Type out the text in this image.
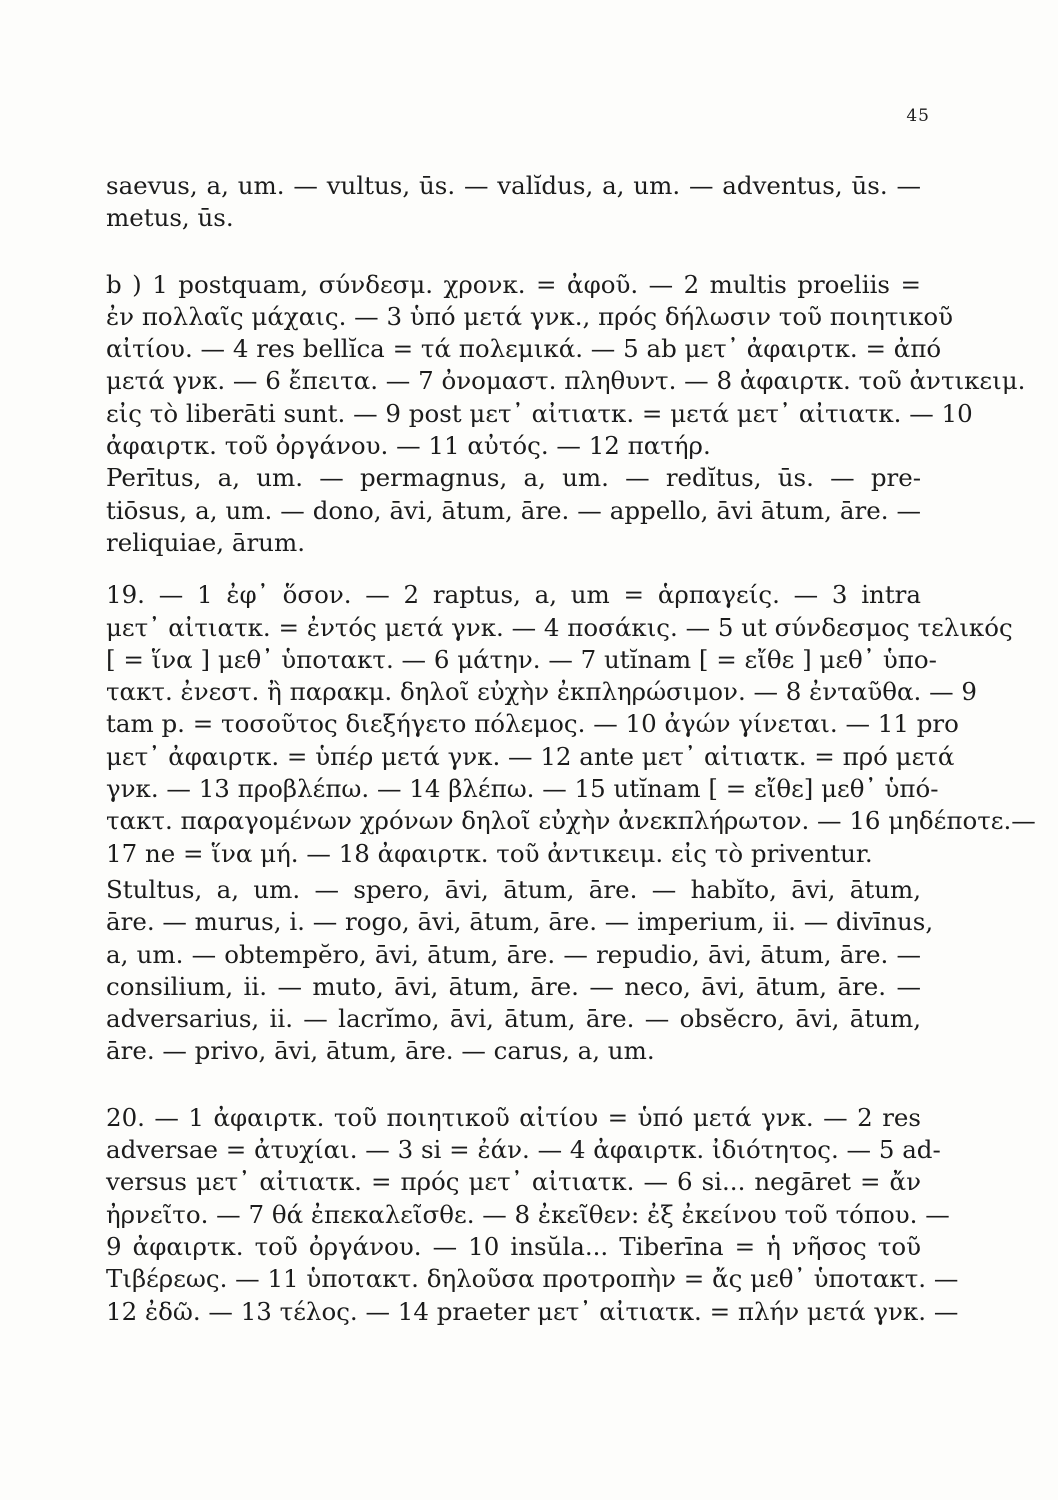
45
saevus, a, um. — vultus, ūs. — valĭdus, a, um. — adventus, ūs. —
metus, ūs.
b ) 1 postquam, σύνδεσμ. χρονκ. = ἀφοῦ. — 2 multis proeliis =
ἐν πολλαῖς μάχαις. — 3 ὑπό μετά γνκ., πρός δήλωσιν τοῦ ποιητικοῦ
αἰτίου. — 4 res bellĭca = τά πολεμικά. — 5 ab μετ᾽ ἀφαιρτκ. = ἀπό
μετά γνκ. — 6 ἔπειτα. — 7 ὀνομαστ. πληθυντ. — 8 ἀφαιρτκ. τοῦ ἀντικειμ.
εἰς τὸ liberāti sunt. — 9 post μετ᾽ αἰτιατκ. = μετά μετ᾽ αἰτιατκ. — 10
ἀφαιρτκ. τοῦ ὀργάνου. — 11 αὐτός. — 12 πατήρ.
Perītus, a, um. — permagnus, a, um. — redĭtus, ūs. — pre-
tiōsus, a, um. — dono, āvi, ātum, āre. — appello, āvi ātum, āre. —
reliquiae, ārum.
19. — 1 ἐφ᾽ ὅσον. — 2 raptus, a, um = ἁρπαγείς. — 3 intra
μετ᾽ αἰτιατκ. = ἐντός μετά γνκ. — 4 ποσάκις. — 5 ut σύνδεσμος τελικός
[ = ἵνα ] μεθ᾽ ὑποτακτ. — 6 μάτην. — 7 utĭnam [ = εἴθε ] μεθ᾽ ὑπο-
τακτ. ἐνεστ. ἢ παρακμ. δηλοῖ εὐχὴν ἐκπληρώσιμον. — 8 ἐνταῦθα. — 9
tam p. = τοσοῦτος διεξήγετο πόλεμος. — 10 ἀγών γίνεται. — 11 pro
μετ᾽ ἀφαιρτκ. = ὑπέρ μετά γνκ. — 12 ante μετ᾽ αἰτιατκ. = πρό μετά
γνκ. — 13 προβλέπω. — 14 βλέπω. — 15 utĭnam [ = εἴθε] μεθ᾽ ὑπό-
τακτ. παραγομένων χρόνων δηλοῖ εὐχὴν ἀνεκπλήρωτον. — 16 μηδέποτε.—
17 ne = ἵνα μή. — 18 ἀφαιρτκ. τοῦ ἀντικειμ. εἰς τὸ priventur.
Stultus, a, um. — spero, āvi, ātum, āre. — habĭto, āvi, ātum,
āre. — murus, i. — rogo, āvi, ātum, āre. — imperium, ii. — divīnus,
a, um. — obtempĕro, āvi, ātum, āre. — repudio, āvi, ātum, āre. —
consilium, ii. — muto, āvi, ātum, āre. — neco, āvi, ātum, āre. —
adversarius, ii. — lacrĭmo, āvi, ātum, āre. — obsĕcro, āvi, ātum,
āre. — privo, āvi, ātum, āre. — carus, a, um.
20. — 1 ἀφαιρτκ. τοῦ ποιητικοῦ αἰτίου = ὑπό μετά γνκ. — 2 res
adversae = ἀτυχίαι. — 3 si = ἐάν. — 4 ἀφαιρτκ. ἰδιότητος. — 5 ad-
versus μετ᾽ αἰτιατκ. = πρός μετ᾽ αἰτιατκ. — 6 si... negāret = ἄν
ἠρνεῖτο. — 7 θά ἐπεκαλεῖσθε. — 8 ἐκεῖθεν: ἐξ ἐκείνου τοῦ τόπου. —
9 ἀφαιρτκ. τοῦ ὀργάνου. — 10 insŭla... Tiberīna = ἡ νῆσος τοῦ
Τιβέρεως. — 11 ὑποτακτ. δηλοῦσα προτροπὴν = ἄς μεθ᾽ ὑποτακτ. —
12 ἐδῶ. — 13 τέλος. — 14 praeter μετ᾽ αἰτιατκ. = πλήν μετά γνκ. —
